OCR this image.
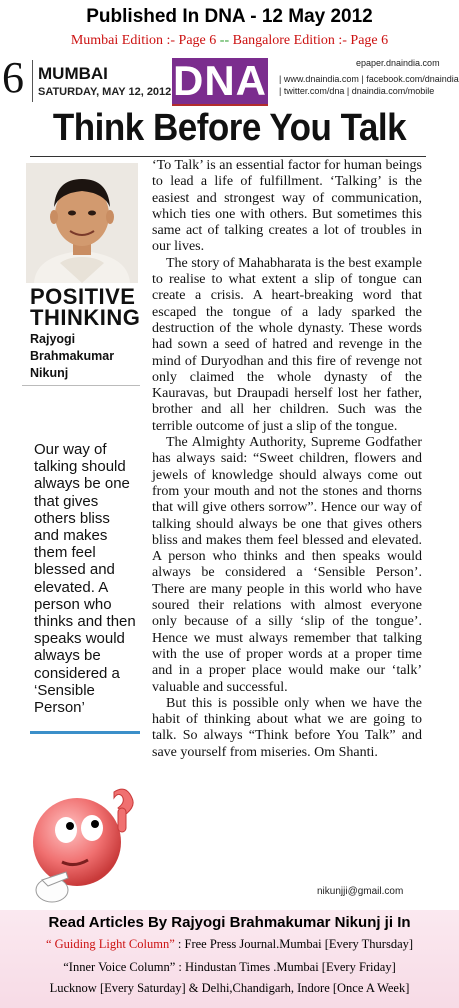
Published In DNA - 12 May 2012
Mumbai Edition :- Page 6 -- Bangalore Edition :- Page 6
6 MUMBAI
SATURDAY, MAY 12, 2012 DNA	epaper.dnaindia.com
| www.dnaindia.com | facebook.com/dnaindia
| twitter.com/dna | dnaindia.com/mobile
Think Before You Talk
POSITIVE
THINKING
Rajyogi
Brahmakumar
Nikunj
Our way of talking should always be one that gives others bliss and makes them feel blessed and elevated. A person who thinks and then speaks would always be considered a ‘Sensible Person’

‘To Talk’ is an essential factor for human beings to lead a life of fulfillment. ‘Talking’ is the easiest and strongest way of communication, which ties one with others. But sometimes this same act of talking creates a lot of troubles in our lives.

The story of Mahabharata is the best example to realise to what extent a slip of tongue can create a crisis. A heart-breaking word that escaped the tongue of a lady sparked the destruction of the whole dynasty. These words had sown a seed of hatred and revenge in the mind of Duryodhan and this fire of revenge not only claimed the whole dynasty of the Kauravas, but Draupadi herself lost her father, brother and all her children. Such was the terrible outcome of just a slip of the tongue.

The Almighty Authority, Supreme Godfather has always said: “Sweet children, flowers and jewels of knowledge should always come out from your mouth and not the stones and thorns that will give others sorrow”. Hence our way of talking should always be one that gives others bliss and makes them feel blessed and elevated. A person who thinks and then speaks would always be considered a ‘Sensible Person’. There are many people in this world who have soured their relations with almost everyone only because of a silly ‘slip of the tongue’. Hence we must always remember that talking with the use of proper words at a proper time and in a proper place would make our ‘talk’ valuable and successful.

But this is possible only when we have the habit of thinking about what we are going to talk. So always “Think before You Talk” and save yourself from miseries. Om Shanti.

nikunjji@gmail.com
Read Articles By Rajyogi Brahmakumar Nikunj ji In
“ Guiding Light Column” : Free Press Journal.Mumbai [Every Thursday]
“Inner Voice Column” : Hindustan Times .Mumbai [Every Friday]
Lucknow [Every Saturday] & Delhi,Chandigarh, Indore [Once A Week]
